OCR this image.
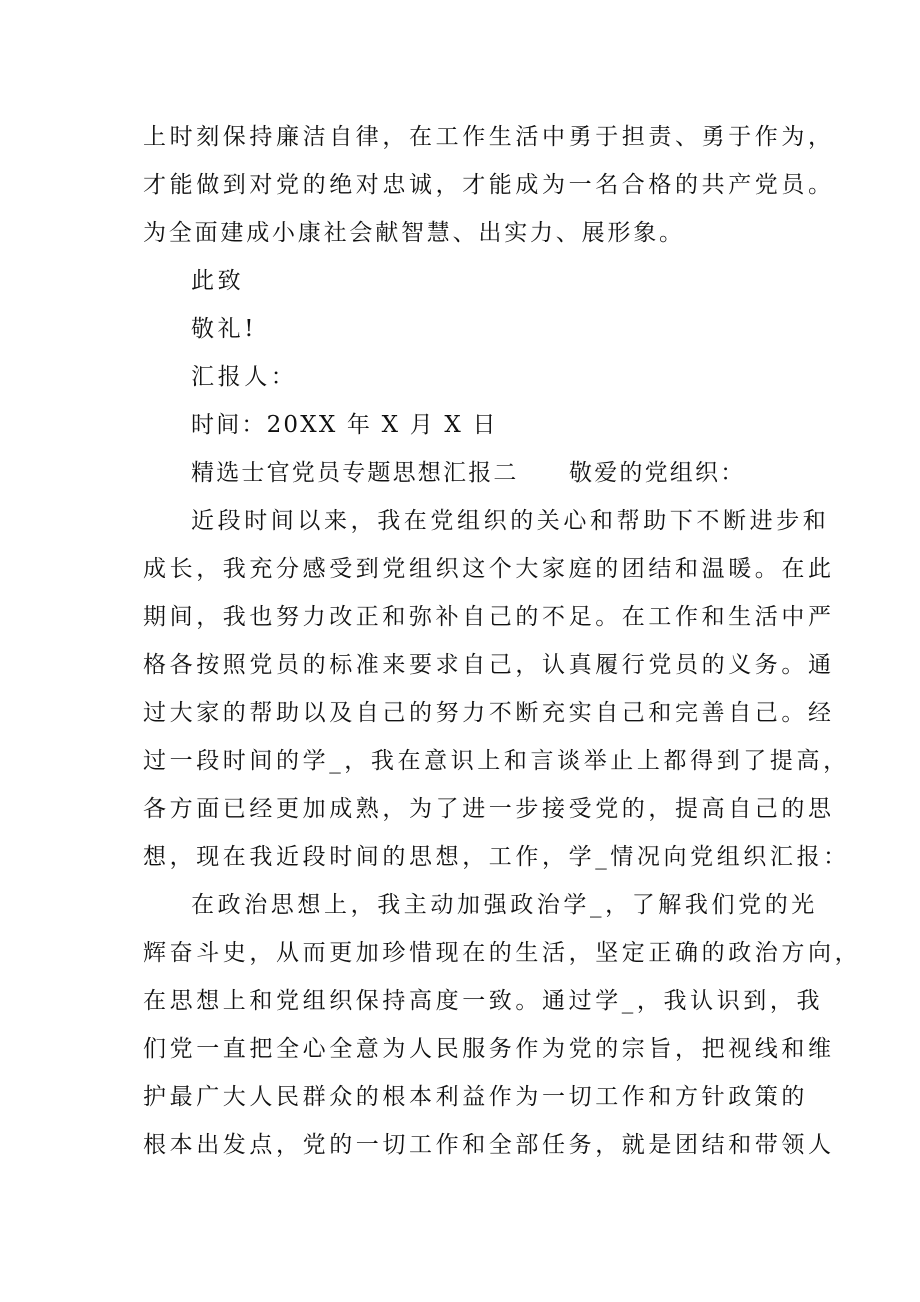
上时刻保持廉洁自律，在工作生活中勇于担责、勇于作为，
才能做到对党的绝对忠诚，才能成为一名合格的共产党员。
为全面建成小康社会献智慧、出实力、展形象。
此致
敬礼!
汇报人：
时间：20XX 年 X 月 X 日
精选士官党员专题思想汇报二　　敬爱的党组织：
近段时间以来，我在党组织的关心和帮助下不断进步和
成长，我充分感受到党组织这个大家庭的团结和温暖。在此
期间，我也努力改正和弥补自己的不足。在工作和生活中严
格各按照党员的标准来要求自己，认真履行党员的义务。通
过大家的帮助以及自己的努力不断充实自己和完善自己。经
过一段时间的学_，我在意识上和言谈举止上都得到了提高，
各方面已经更加成熟，为了进一步接受党的，提高自己的思
想，现在我近段时间的思想，工作，学_情况向党组织汇报：
在政治思想上，我主动加强政治学_，了解我们党的光
辉奋斗史，从而更加珍惜现在的生活，坚定正确的政治方向，
在思想上和党组织保持高度一致。通过学_，我认识到，我
们党一直把全心全意为人民服务作为党的宗旨，把视线和维
护最广大人民群众的根本利益作为一切工作和方针政策的
根本出发点，党的一切工作和全部任务，就是团结和带领人
